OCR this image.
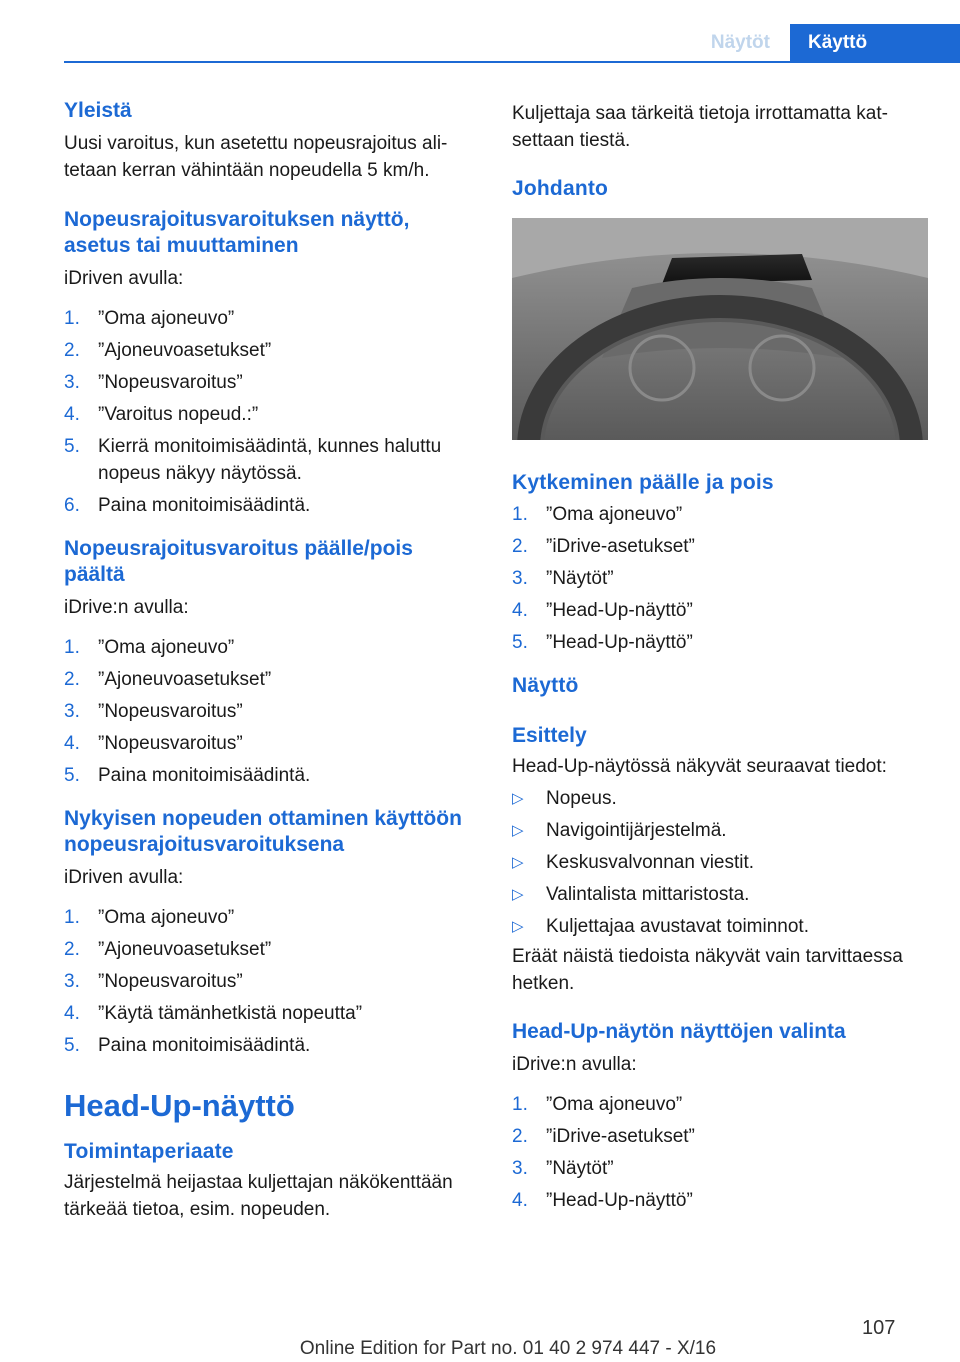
Näytöt	Käyttö
Yleistä

Uusi varoitus, kun asetettu nopeusrajoitus ali-tetaan kerran vähintään nopeudella 5 km/h.

Nopeusrajoitusvaroituksen näyttö, asetus tai muuttaminen

iDriven avulla:

1. ”Oma ajoneuvo”
2. ”Ajoneuvoasetukset”
3. ”Nopeusvaroitus”
4. ”Varoitus nopeud.:”
5. Kierrä monitoimisäädintä, kunnes haluttu nopeus näkyy näytössä.
6. Paina monitoimisäädintä.
Nopeusrajoitusvaroitus päälle/pois päältä

iDrive:n avulla:

1. ”Oma ajoneuvo”
2. ”Ajoneuvoasetukset”
3. ”Nopeusvaroitus”
4. ”Nopeusvaroitus”
5. Paina monitoimisäädintä.
Nykyisen nopeuden ottaminen käyttöön nopeusrajoitusvaroituksena

iDriven avulla:

1. ”Oma ajoneuvo”
2. ”Ajoneuvoasetukset”
3. ”Nopeusvaroitus”
4. ”Käytä tämänhetkistä nopeutta”
5. Paina monitoimisäädintä.
Head-Up-näyttö
Toimintaperiaate

Järjestelmä heijastaa kuljettajan näkökenttään tärkeää tietoa, esim. nopeuden.

Kuljettaja saa tärkeitä tietoja irrottamatta kat-settaan tiestä.

Johdanto
Kytkeminen päälle ja pois
1. ”Oma ajoneuvo”
2. ”iDrive-asetukset”
3. ”Näytöt”
4. ”Head-Up-näyttö”
5. ”Head-Up-näyttö”
Näyttö
Esittely

Head-Up-näytössä näkyvät seuraavat tiedot:

▷	Nopeus.
▷	Navigointijärjestelmä.
▷	Keskusvalvonnan viestit.
▷	Valintalista mittaristosta.
▷	Kuljettajaa avustavat toiminnot.

Eräät näistä tiedoista näkyvät vain tarvittaessa hetken.

Head-Up-näytön näyttöjen valinta

iDrive:n avulla:

1. ”Oma ajoneuvo”
2. ”iDrive-asetukset”
3. ”Näytöt”
4. ”Head-Up-näyttö”
107
Online Edition for Part no. 01 40 2 974 447 - X/16
